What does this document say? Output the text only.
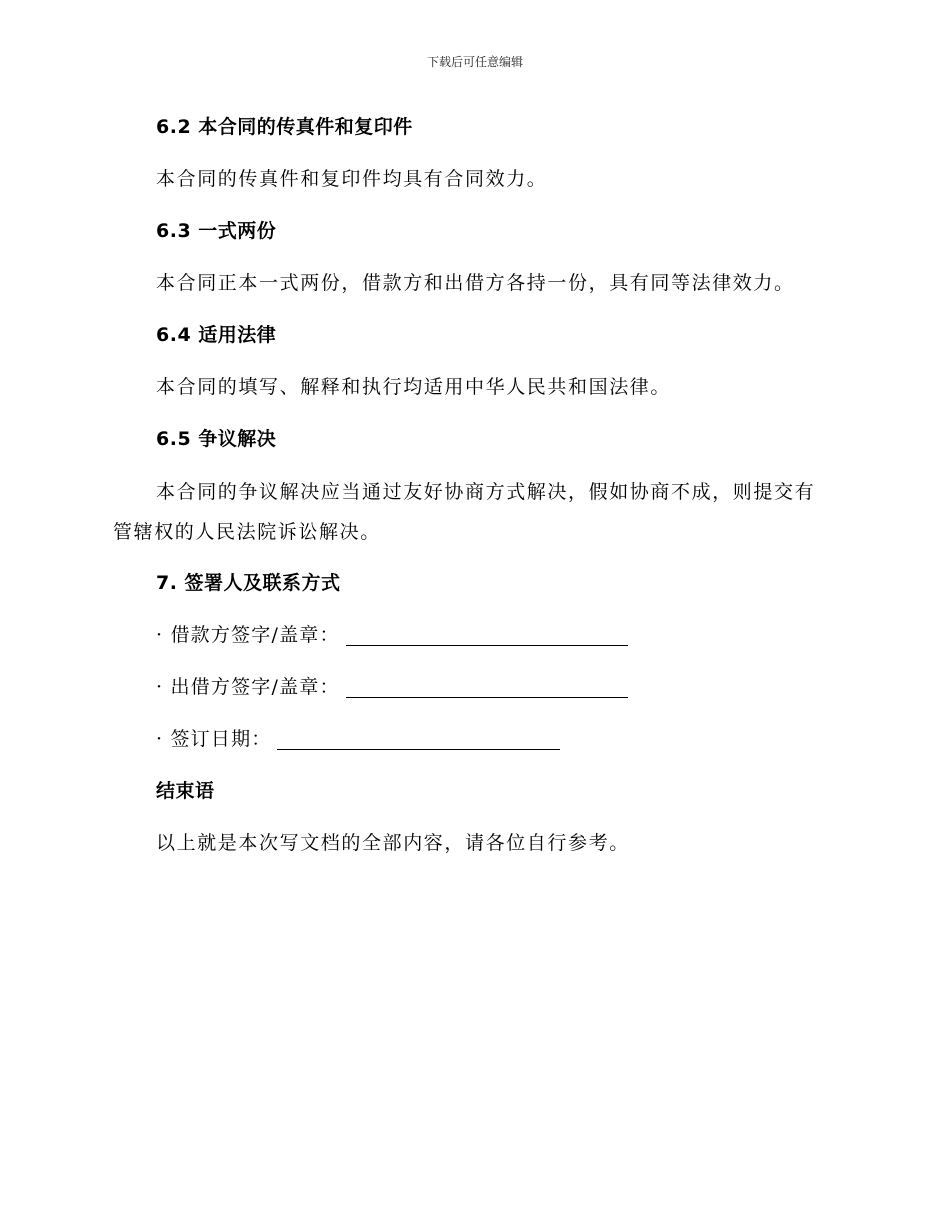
下载后可任意编辑
6.2 本合同的传真件和复印件
本合同的传真件和复印件均具有合同效力。
6.3 一式两份
本合同正本一式两份，借款方和出借方各持一份，具有同等法律效力。
6.4 适用法律
本合同的填写、解释和执行均适用中华人民共和国法律。
6.5 争议解决
本合同的争议解决应当通过友好协商方式解决，假如协商不成，则提交有管辖权的人民法院诉讼解决。
7. 签署人及联系方式
· 借款方签字/盖章：
· 出借方签字/盖章：
· 签订日期：
结束语
以上就是本次写文档的全部内容，请各位自行参考。
